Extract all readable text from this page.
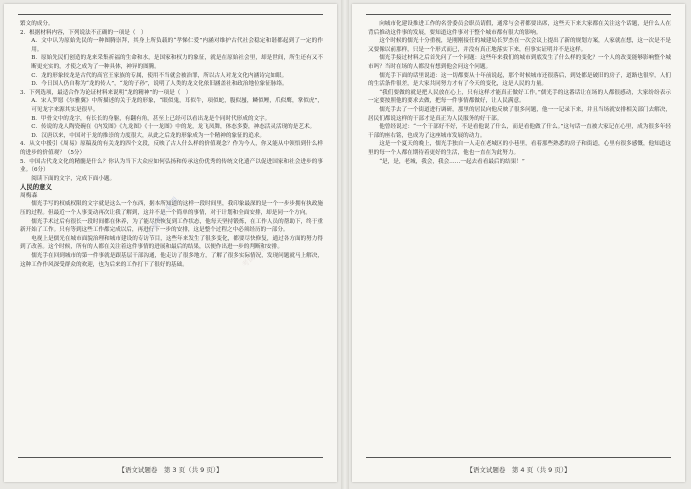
繁文的成分。

2．根据材料内容，下列说法不正确的一项是（　）

A．文中认为原始先民的一种图腾崇拜，其身上所负载的“孝悌仁爱”内涵对维护古代社会稳定和谐都起到了一定的作用。

B．原始先民们创造的龙来采集祈福的生命和水，是国家和权力的象征，就是在原始社会里，却是世间，所生还有又不断更充实的，才使之成为了一种具体，神异的图腾。

C．龙的形象较龙是古代的高官王家族的专属，使用不当就会被治罪，所以古人对龙文化内涵诗完如眼。

D．今日国人仍自称为“龙的传人”，“龙的子孙”，说明了人类的龙文化依旧涵盖社和政治地位象征脉络。

3．下列选项，最适合作为论证材料来说明“龙的精神”的一项是（　）

A．宋人罗愿《尔雅翼》中所描述的关于龙的形象，“眼似鬼，耳似牛，项似蛇，腹似蜃，鳞似鲤，爪似鹰，掌似虎”，可见龙字来源其实是很早。

B．甲骨文中的龙字，有长长的身躯，有翻有角，甚至上已经可以看出龙是个同时代形成的文字。

C．传说的龙人陶瓷碗在《内发图》《九龙图》《十一龙图》中的龙，龙飞凤舞，体态多姿，神态活灵活现的是艺术。

D．汉唐以来，中国对于龙的推崇的力度很大，从此之后龙的形象成为一个精神的象征的追求。

4．从文中援引《周易》原稿及的有关龙的四个文段，反映了古人什么样的价值观念？作为今人，你又能从中领悟到什么样的进步的价值观？（5分）

5．中国古代龙文化的精髓是什么？你认为当下大众应如何弘扬和传承这份优秀的传统文化遗产以促进国家和社会进步的事业。（6分）

阅读下面的文字，完成下面小题。

人民的意义

周梅森

儒光手写的权威权限的文字就是这么一个东西，据本所知道的这样一段时间里，我印象最深的是一个一步步拥有执政施压的过程。但最近一个人事变动再次让我了解到，这并不是一个简单的事情，对于计划和全面安排，却是同一个方向。

儒光手术过后有很长一段时间都在休养，为了能尽快恢复到工作状态，他每天坚持锻炼，在工作人员的帮助下，终于重新开始了工作。只有等到这些工作都完成以后，再进行下一步的安排，这是整个过程之中必须经历的一部分。

电视上是儒光在城市面貌治理和城市建设的专访节目，这些年来发生了很多变化，都要尽快修复，通过各方面的努力得到了改善。这个时候，所有的人都在关注着这件事情的进展和最后的结果，以便作出进一步的判断和安排。

儒光手在回到城市的第一件事就是跟基层干部沟通，他走访了很多地方，了解了很多实际情况，发现问题就马上解决，这种工作作风深受群众的欢迎，也为后来的工作打下了很好的基础。

川渝教学联盟
考试专用
【语文试题卷　第 3 页（共 9 页）】

向城市化建设推进工作的名誉委员会职员请假，通常与会者都要出席，这些天下来大家都在关注这个话题，是什么人在背后推动这件事的发展，要知道这件事对于整个城市都有很大的影响。

这个时候的儒光十分重视，是刚刚接任的城建局长罗杰在一次会议上提出了新的规划方案，人家就在想，这一次是不是又要像以前那样，只是一个形式而已，并没有真正地落实下来，但事实证明并不是这样。

儒光手接过材料之后首先问了一个问题：这些年来我们的城市到底发生了什么样的变化？一个人的改变能够影响整个城市吗？当时在场的人都没有想到他会问这个问题。

儒光手下面的话里说道：这一切都要从十年前说起，那个时候城市还很落后，到处都是破旧的房子，道路也很窄，人们的生活条件很差，是大家共同努力才有了今天的变化，这是人民的力量。

“我们要做的就是把人民放在心上，只有这样才能真正做好工作。”儒光手的这番话让在场的人都很感动，大家纷纷表示一定要按照他的要求去做，把每一件事情都做好，让人民满意。

儒光手去了一个街道进行调研，那里的居民向他反映了很多问题，他一一记录下来，并且当场就安排相关部门去解决，居民们都说这样的干部才是真正为人民服务的好干部。

他曾经说过：“一个干部好不好，不是看他说了什么，而是看他做了什么。”这句话一直被大家记在心里，成为很多年轻干部的座右铭，也成为了这座城市发展的动力。

这是一个夏天的晚上，儒光手独自一人走在老城区的小巷里，看着那些熟悉的房子和街道，心里有很多感慨，他知道这里的每一个人都在期待着更好的生活，他也一直在为此努力。

“是，是，老城，我会，我会……一起去看看最后的结果！”

【语文试题卷　第 4 页（共 9 页）】
